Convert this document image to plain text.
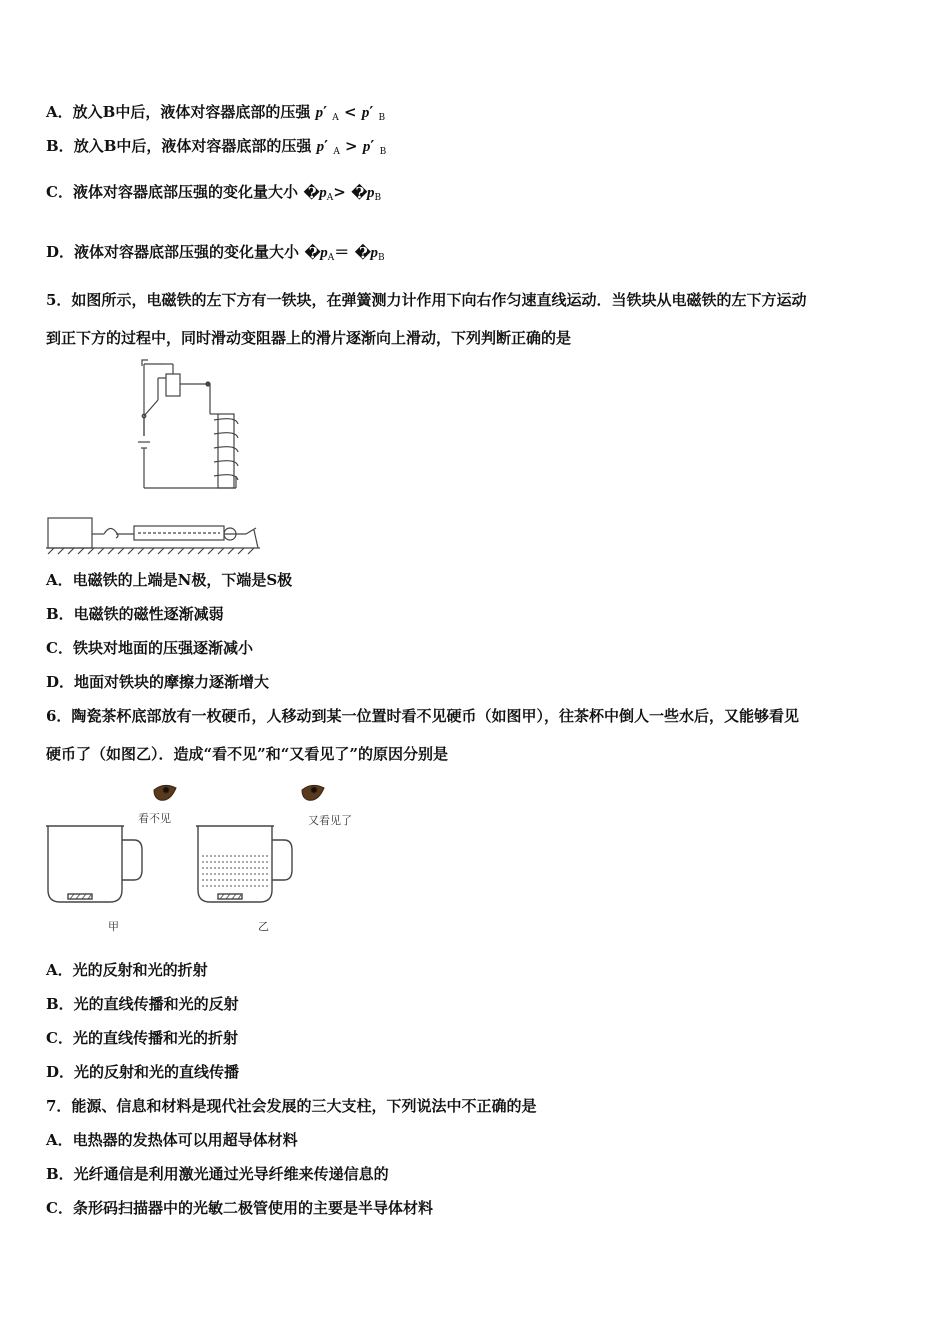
A．放入B中后，液体对容器底部的压强 p′ $_A$ < p′ $_B$
B．放入B中后，液体对容器底部的压强 p′ $_A$ > p′ $_B$
C．液体对容器底部压强的变化量大小 � $p_A>$ � $p_B$
D．液体对容器底部压强的变化量大小 � $p_A=$ � $p_B$
5．如图所示，电磁铁的左下方有一铁块，在弹簧测力计作用下向右作匀速直线运动．当铁块从电磁铁的左下方运动
到正下方的过程中，同时滑动变阻器上的滑片逐渐向上滑动，下列判断正确的是
A．电磁铁的上端是N极，下端是S极
B．电磁铁的磁性逐渐减弱
C．铁块对地面的压强逐渐减小
D．地面对铁块的摩擦力逐渐增大
6．陶瓷茶杯底部放有一枚硬币，人移动到某一位置时看不见硬币（如图甲），往茶杯中倒人一些水后，又能够看见
硬币了（如图乙）．造成“看不见”和“又看见了”的原因分别是
看不见	又看见了
甲	乙
A．光的反射和光的折射
B．光的直线传播和光的反射
C．光的直线传播和光的折射
D．光的反射和光的直线传播
7．能源、信息和材料是现代社会发展的三大支柱，下列说法中不正确的是
A．电热器的发热体可以用超导体材料
B．光纤通信是利用激光通过光导纤维来传递信息的
C．条形码扫描器中的光敏二极管使用的主要是半导体材料
